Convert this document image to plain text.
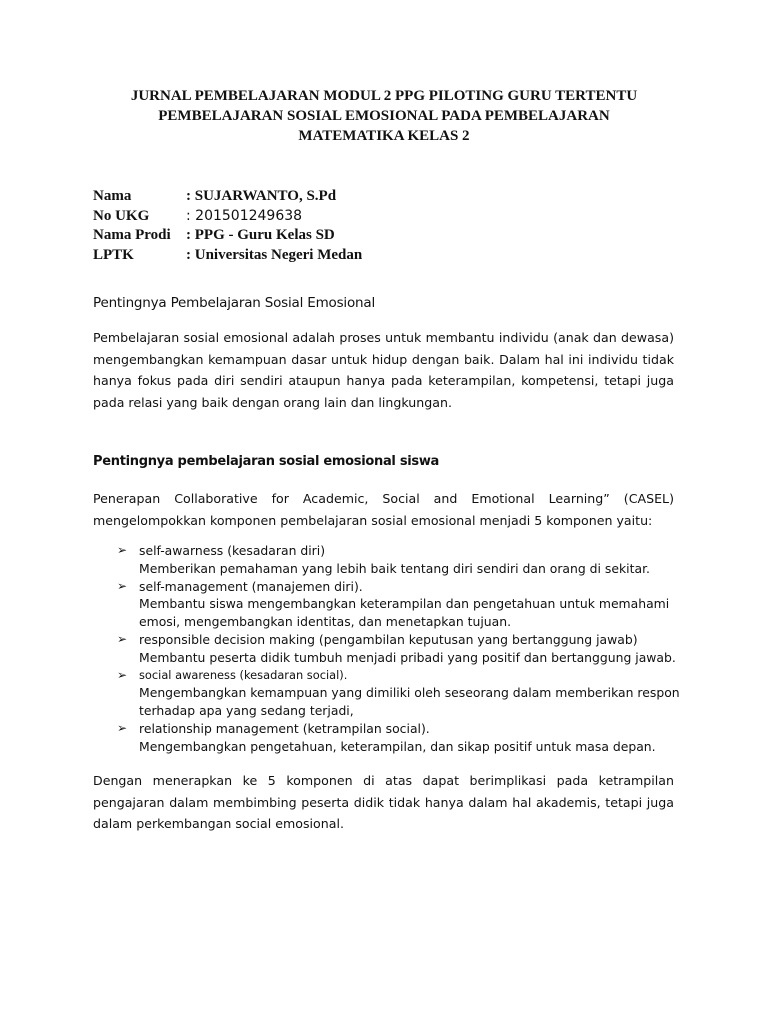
JURNAL PEMBELAJARAN MODUL 2 PPG PILOTING GURU TERTENTU
PEMBELAJARAN SOSIAL EMOSIONAL PADA PEMBELAJARAN
MATEMATIKA KELAS 2
Nama	: SUJARWANTO, S.Pd
No UKG	: 201501249638
Nama Prodi	: PPG - Guru Kelas SD
LPTK	: Universitas Negeri Medan
Pentingnya Pembelajaran Sosial Emosional

Pembelajaran sosial emosional adalah proses untuk membantu individu (anak dan dewasa) mengembangkan kemampuan dasar untuk hidup dengan baik. Dalam hal ini individu tidak hanya fokus pada diri sendiri ataupun hanya pada keterampilan, kompetensi, tetapi juga pada relasi yang baik dengan orang lain dan lingkungan.

Pentingnya pembelajaran sosial emosional siswa

Penerapan Collaborative for Academic, Social and Emotional Learning” (CASEL) mengelompokkan komponen pembelajaran sosial emosional menjadi 5 komponen yaitu:

➢ self-awarness (kesadaran diri)
Memberikan pemahaman yang lebih baik tentang diri sendiri dan orang di sekitar.
➢ self-management (manajemen diri).
Membantu siswa mengembangkan keterampilan dan pengetahuan untuk memahami emosi, mengembangkan identitas, dan menetapkan tujuan.
➢ responsible decision making (pengambilan keputusan yang bertanggung jawab)
Membantu peserta didik tumbuh menjadi pribadi yang positif dan bertanggung jawab.
➢ social awareness (kesadaran social).
Mengembangkan kemampuan yang dimiliki oleh seseorang dalam memberikan respon terhadap apa yang sedang terjadi,
➢ relationship management (ketrampilan social).
Mengembangkan pengetahuan, keterampilan, dan sikap positif untuk masa depan.

Dengan menerapkan ke 5 komponen di atas dapat berimplikasi pada ketrampilan pengajaran dalam membimbing peserta didik tidak hanya dalam hal akademis, tetapi juga dalam perkembangan social emosional.
